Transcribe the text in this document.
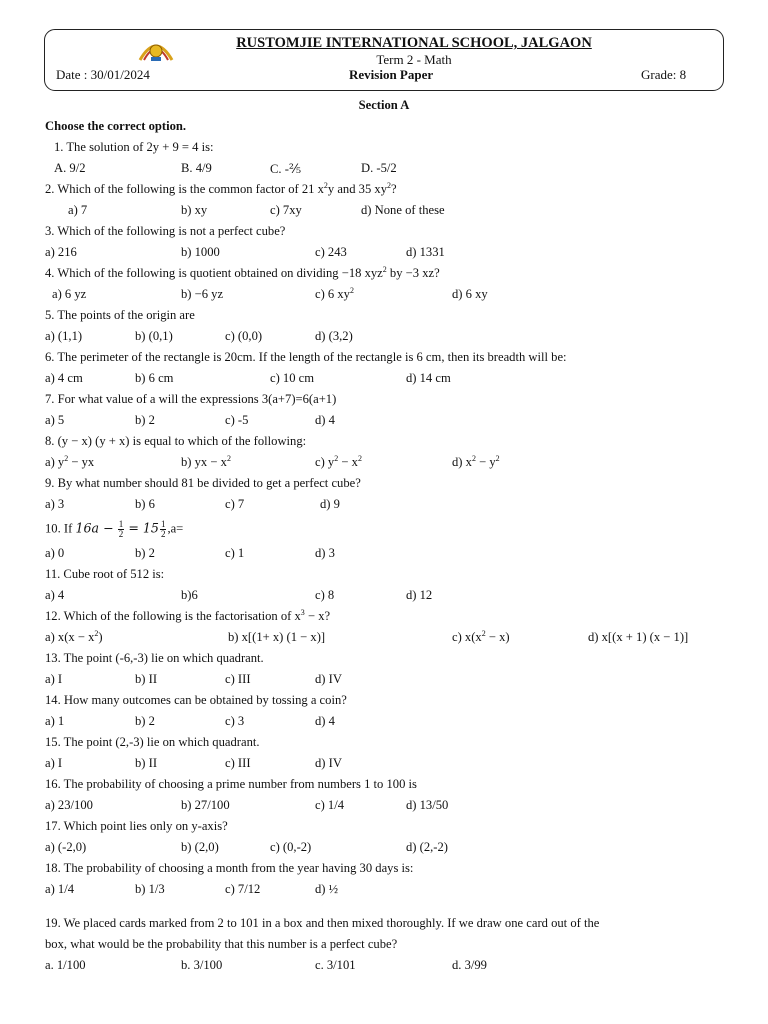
RUSTOMJIE INTERNATIONAL SCHOOL, JALGAON
Term 2 - Math
Date : 30/01/2024	Revision Paper	Grade: 8
Section A
Choose the correct option.
1. The solution of 2y + 9 = 4 is:
A. 9/2	B. 4/9	C. -⅖	D. -5/2
2. Which of the following is the common factor of 21 $x^2y$ and 35 $xy^2$?
a) 7	b) xy	c) 7xy	d) None of these
3. Which of the following is not a perfect cube?
a) 216	b) 1000	c) 243	d) 1331
4. Which of the following is quotient obtained on dividing −18 xyz$^2$ by −3 xz?
a) 6 yz	b) −6 yz	c) 6 $xy^2$	d) 6 xy
5. The points of the origin are
a) (1,1)	b) (0,1)	c) (0,0)	d) (3,2)
6. The perimeter of the rectangle is 20cm. If the length of the rectangle is 6 cm, then its breadth will be:
a) 4 cm	b) 6 cm	c) 10 cm	d) 14 cm
7. For what value of a will the expressions 3(a+7)=6(a+1)
a) 5	b) 2	c) -5	d) 4
8. (y − x) (y + x) is equal to which of the following:
a) $y^2$ − yx	b) yx − $x^2$	c) $y^2 - x^2$	d) $x^2 - y^2$
9. By what number should 81 be divided to get a perfect cube?
a) 3	b) 6	c) 7	d) 9
10. If $16a - \frac{1}{2} = 15 \frac{1}{2} ,a=$
a) 0	b) 2	c) 1	d) 3
11. Cube root of 512 is:
a) 4	b)6	c) 8	d) 12
12. Which of the following is the factorisation of $x^3 - x$?
a) $x(x - x^2)$	b) x[(1+ x) (1 − x)]	c) $x(x^2 - x)$	d) x[(x + 1) (x − 1)]
13. The point (-6,-3) lie on which quadrant.
a) I	b) II	c) III	d) IV
14. How many outcomes can be obtained by tossing a coin?
a) 1	b) 2	c) 3	d) 4
15. The point (2,-3) lie on which quadrant.
a) I	b) II	c) III	d) IV
16. The probability of choosing a prime number from numbers 1 to 100 is
a) 23/100	b) 27/100	c) 1/4	d) 13/50
17. Which point lies only on y-axis?
a) (-2,0)	b) (2,0)	c) (0,-2)	d) (2,-2)
18. The probability of choosing a month from the year having 30 days is:
a) 1/4	b) 1/3	c) 7/12	d) ½
19. We placed cards marked from 2 to 101 in a box and then mixed thoroughly. If we draw one card out of the
box, what would be the probability that this number is a perfect cube?
a. 1/100	b. 3/100	c. 3/101	d. 3/99
